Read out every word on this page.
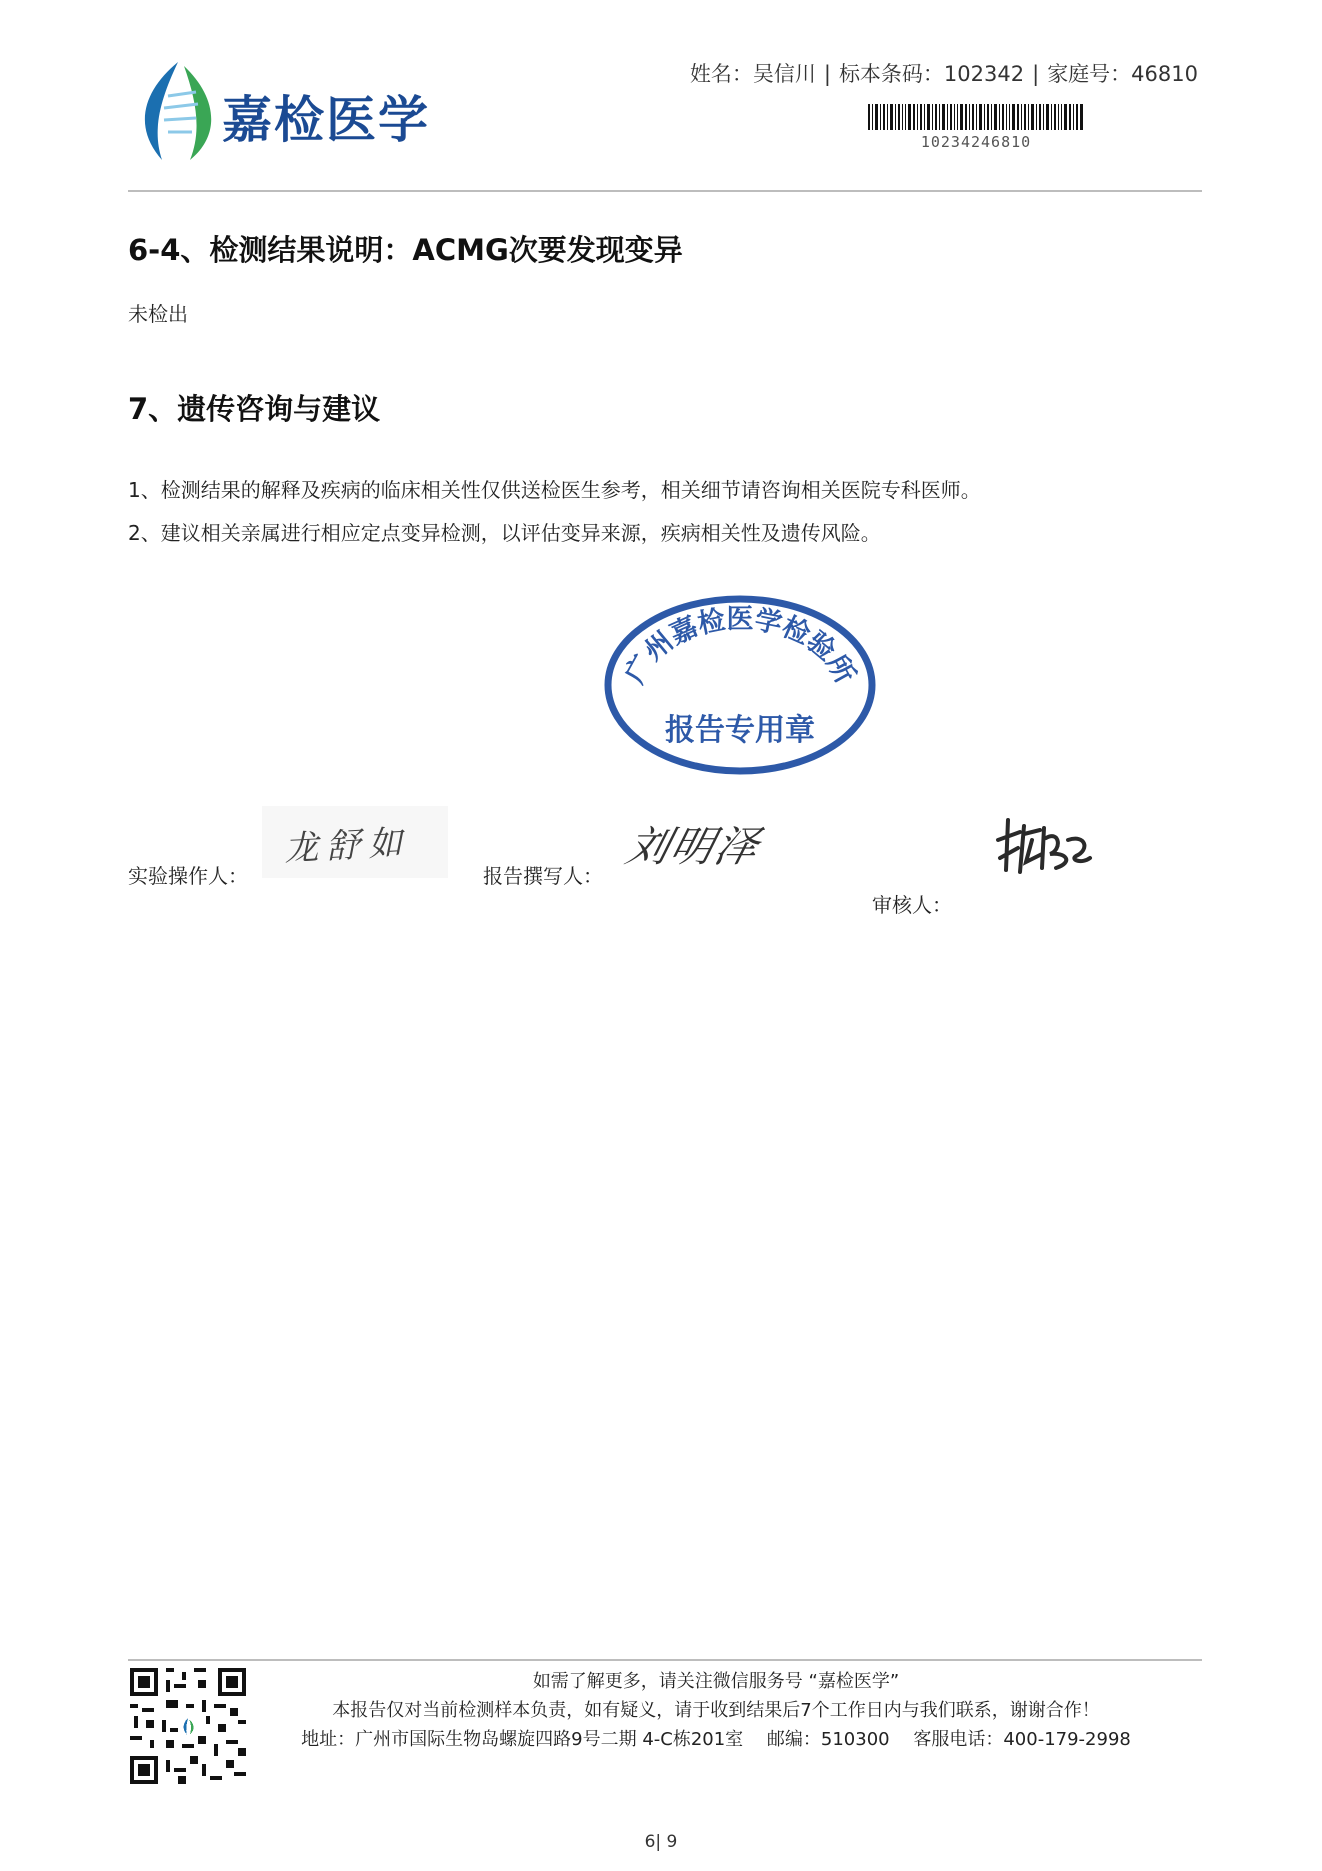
嘉检医学
姓名：吴信川 | 标本条码：102342 | 家庭号：46810
10234246810
6-4、检测结果说明：ACMG次要发现变异
未检出
7、遗传咨询与建议
1、检测结果的解释及疾病的临床相关性仅供送检医生参考，相关细节请咨询相关医院专科医师。
2、建议相关亲属进行相应定点变异检测，以评估变异来源，疾病相关性及遗传风险。
广州嘉检医学检验所
报告专用章
实验操作人：
龙舒如
报告撰写人：
刘明泽
审核人：
如需了解更多，请关注微信服务号 “嘉检医学”
本报告仅对当前检测样本负责，如有疑义，请于收到结果后7个工作日内与我们联系，谢谢合作！
地址：广州市国际生物岛螺旋四路9号二期 4-C栋201室　 邮编：510300　 客服电话：400-179-2998
6| 9
